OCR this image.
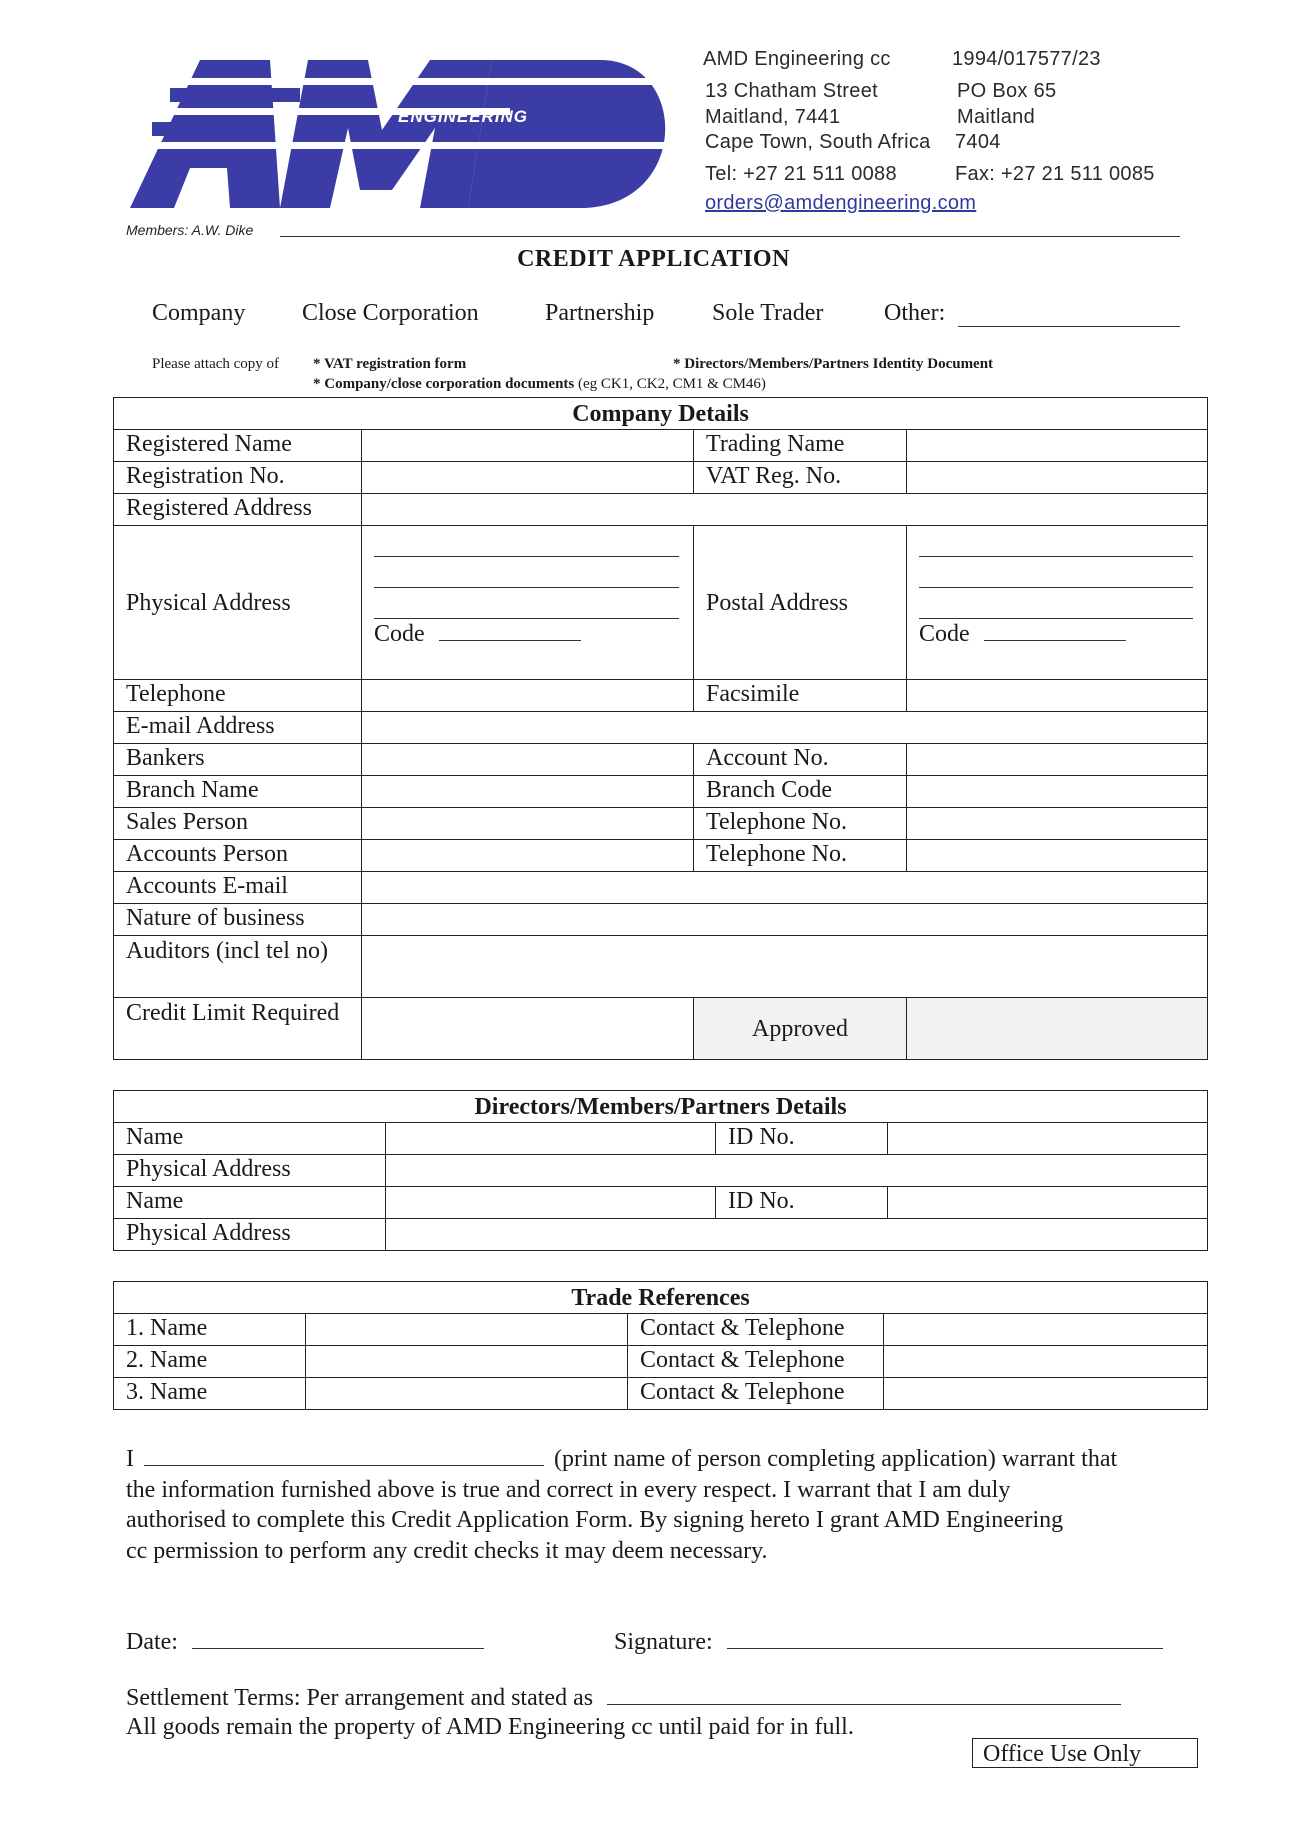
ENGINEERING
AMD Engineering cc	1994/017577/23
13 Chatham Street	PO Box 65
Maitland, 7441	Maitland
Cape Town, South Africa 7404
Tel: +27 21 511 0088	Fax: +27 21 511 0085
orders@amdengineering.com
Members: A.W. Dike
CREDIT APPLICATION
Company Close Corporation	Partnership Sole Trader	Other:
Please attach copy of * VAT registration form	* Directors/Members/Partners Identity Document
* Company/close corporation documents (eg CK1, CK2, CM1 & CM46)
Company Details			
Registered Name		Trading Name	
Registration No.		VAT Reg. No.	
Registered Address			
Physical Address	Code	Postal Address	Code

Telephone		Facsimile	
E-mail Address			
Bankers		Account No.	
Branch Name		Branch Code	
Sales Person		Telephone No.	
Accounts Person		Telephone No.	
Accounts E-mail			
Nature of business			
Auditors (incl tel no)			
Credit Limit Required		Approved	
Directors/Members/Partners Details			
Name		ID No.	
Physical Address			
Name		ID No.	
Physical Address			
Trade References			
1. Name		Contact & Telephone	
2. Name		Contact & Telephone	
3. Name		Contact & Telephone	
I	(print name of person completing application) warrant that
the information furnished above is true and correct in every respect. I warrant that I am duly
authorised to complete this Credit Application Form. By signing hereto I grant AMD Engineering
cc permission to perform any credit checks it may deem necessary.
Date:	Signature:
Settlement Terms: Per arrangement and stated as
All goods remain the property of AMD Engineering cc until paid for in full.
Office Use Only
